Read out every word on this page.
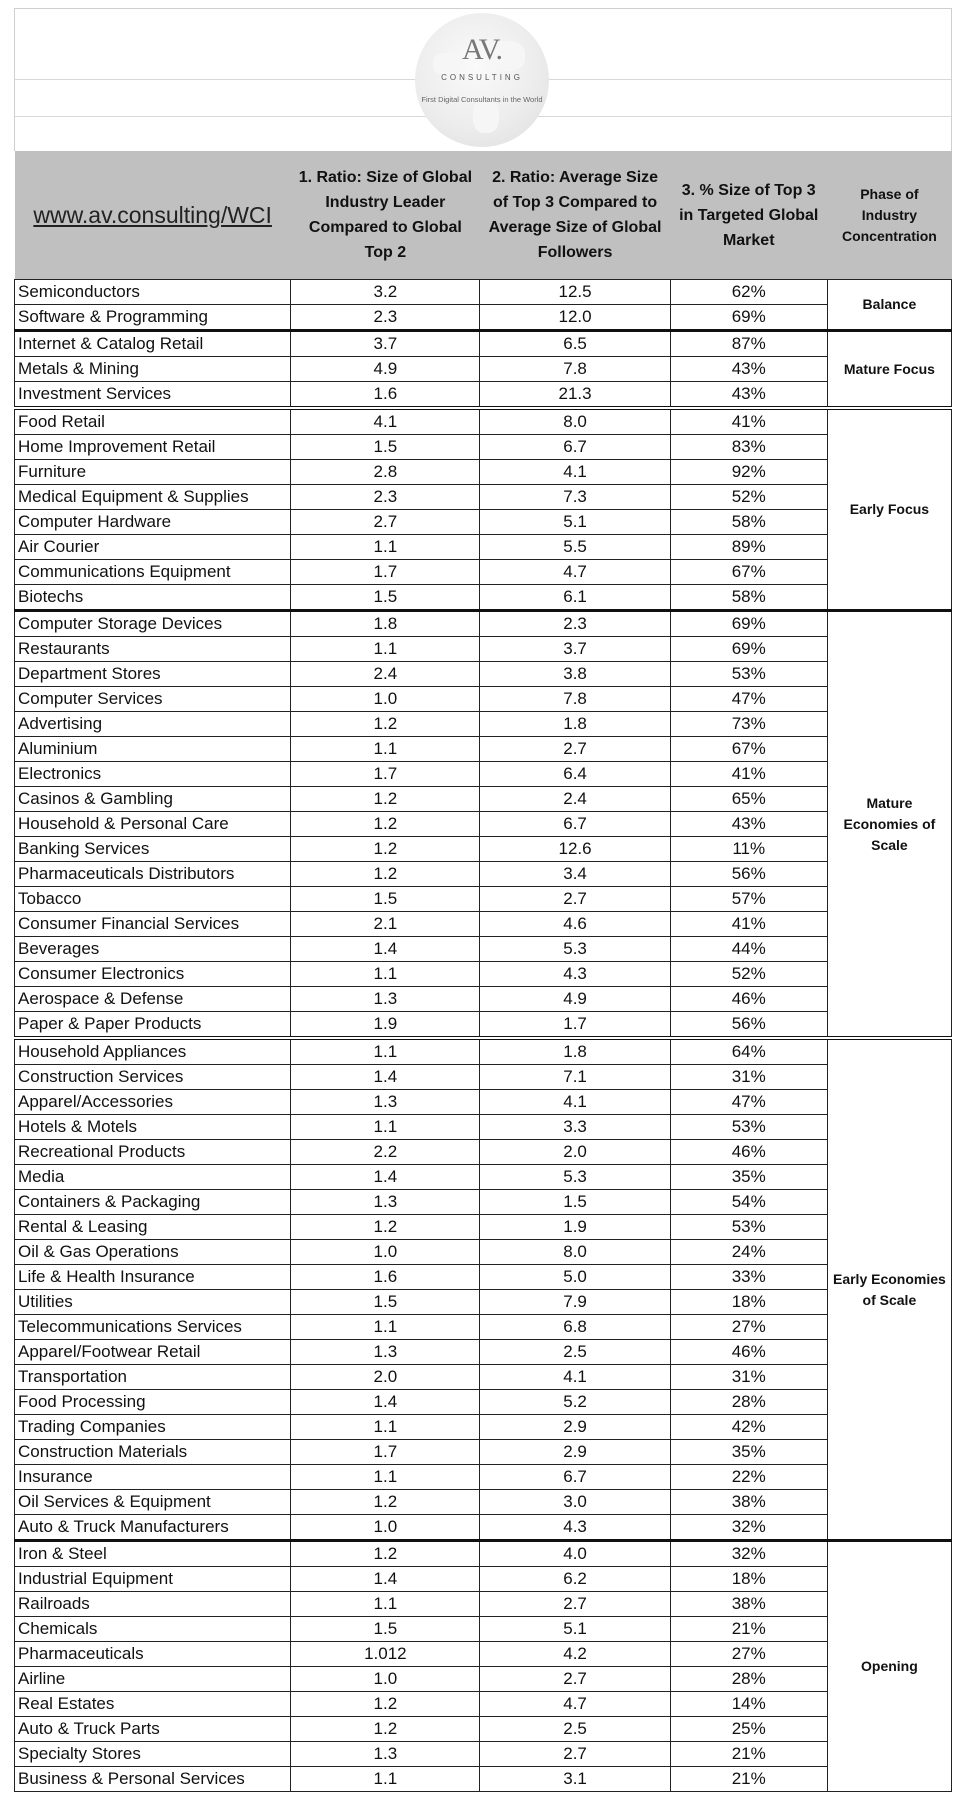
AV.
CONSULTING
First Digital Consultants in the World
www.av.consulting/WCI	1. Ratio: Size of Global Industry Leader Compared to Global Top 2	2. Ratio: Average Size of Top 3 Compared to Average Size of Global Followers	3. % Size of Top 3 in Targeted Global Market	Phase of Industry Concentration
Semiconductors	3.2	12.5	62%	Balance
Software & Programming	2.3	12.0	69%	
Internet & Catalog Retail	3.7	6.5	87%	Mature Focus
Metals & Mining	4.9	7.8	43%	
Investment Services	1.6	21.3	43%	
Food Retail	4.1	8.0	41%	Early Focus
Home Improvement Retail	1.5	6.7	83%	
Furniture	2.8	4.1	92%	
Medical Equipment & Supplies	2.3	7.3	52%	
Computer Hardware	2.7	5.1	58%	
Air Courier	1.1	5.5	89%	
Communications Equipment	1.7	4.7	67%	
Biotechs	1.5	6.1	58%	
Computer Storage Devices	1.8	2.3	69%	Mature Economies of Scale
Restaurants	1.1	3.7	69%	
Department Stores	2.4	3.8	53%	
Computer Services	1.0	7.8	47%	
Advertising	1.2	1.8	73%	
Aluminium	1.1	2.7	67%	
Electronics	1.7	6.4	41%	
Casinos & Gambling	1.2	2.4	65%	
Household & Personal Care	1.2	6.7	43%	
Banking Services	1.2	12.6	11%	
Pharmaceuticals Distributors	1.2	3.4	56%	
Tobacco	1.5	2.7	57%	
Consumer Financial Services	2.1	4.6	41%	
Beverages	1.4	5.3	44%	
Consumer Electronics	1.1	4.3	52%	
Aerospace & Defense	1.3	4.9	46%	
Paper & Paper Products	1.9	1.7	56%	
Household Appliances	1.1	1.8	64%	Early Economies of Scale
Construction Services	1.4	7.1	31%	
Apparel/Accessories	1.3	4.1	47%	
Hotels & Motels	1.1	3.3	53%	
Recreational Products	2.2	2.0	46%	
Media	1.4	5.3	35%	
Containers & Packaging	1.3	1.5	54%	
Rental & Leasing	1.2	1.9	53%	
Oil & Gas Operations	1.0	8.0	24%	
Life & Health Insurance	1.6	5.0	33%	
Utilities	1.5	7.9	18%	
Telecommunications Services	1.1	6.8	27%	
Apparel/Footwear Retail	1.3	2.5	46%	
Transportation	2.0	4.1	31%	
Food Processing	1.4	5.2	28%	
Trading Companies	1.1	2.9	42%	
Construction Materials	1.7	2.9	35%	
Insurance	1.1	6.7	22%	
Oil Services & Equipment	1.2	3.0	38%	
Auto & Truck Manufacturers	1.0	4.3	32%	
Iron & Steel	1.2	4.0	32%	Opening
Industrial Equipment	1.4	6.2	18%	
Railroads	1.1	2.7	38%	
Chemicals	1.5	5.1	21%	
Pharmaceuticals	1.012	4.2	27%	
Airline	1.0	2.7	28%	
Real Estates	1.2	4.7	14%	
Auto & Truck Parts	1.2	2.5	25%	
Specialty Stores	1.3	2.7	21%	
Business & Personal Services	1.1	3.1	21%	
